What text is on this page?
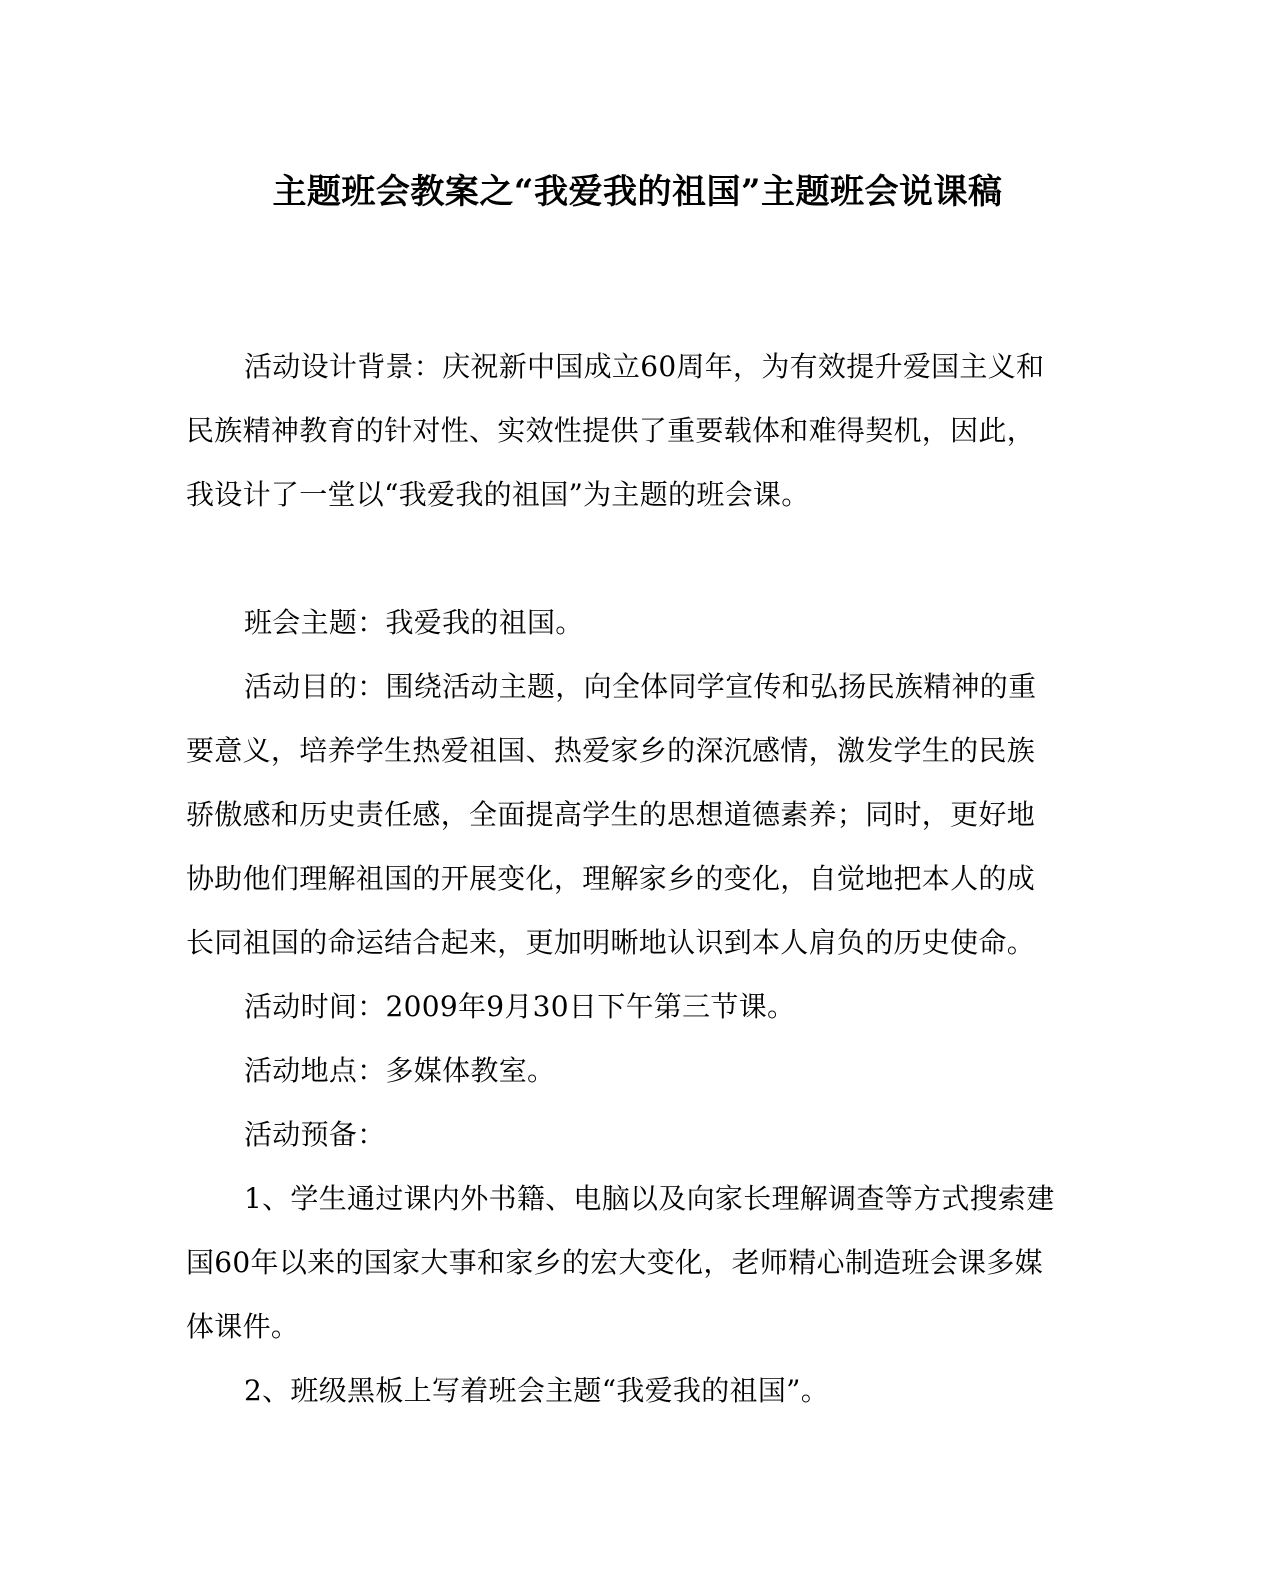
主题班会教案之“我爱我的祖国”主题班会说课稿
活动设计背景：庆祝新中国成立60周年，为有效提升爱国主义和
民族精神教育的针对性、实效性提供了重要载体和难得契机，因此，
我设计了一堂以“我爱我的祖国”为主题的班会课。
班会主题：我爱我的祖国。
活动目的：围绕活动主题，向全体同学宣传和弘扬民族精神的重
要意义，培养学生热爱祖国、热爱家乡的深沉感情，激发学生的民族
骄傲感和历史责任感，全面提高学生的思想道德素养；同时，更好地
协助他们理解祖国的开展变化，理解家乡的变化，自觉地把本人的成
长同祖国的命运结合起来，更加明晰地认识到本人肩负的历史使命。
活动时间：2009年9月30日下午第三节课。
活动地点：多媒体教室。
活动预备：
1、学生通过课内外书籍、电脑以及向家长理解调查等方式搜索建
国60年以来的国家大事和家乡的宏大变化，老师精心制造班会课多媒
体课件。
2、班级黑板上写着班会主题“我爱我的祖国”。
